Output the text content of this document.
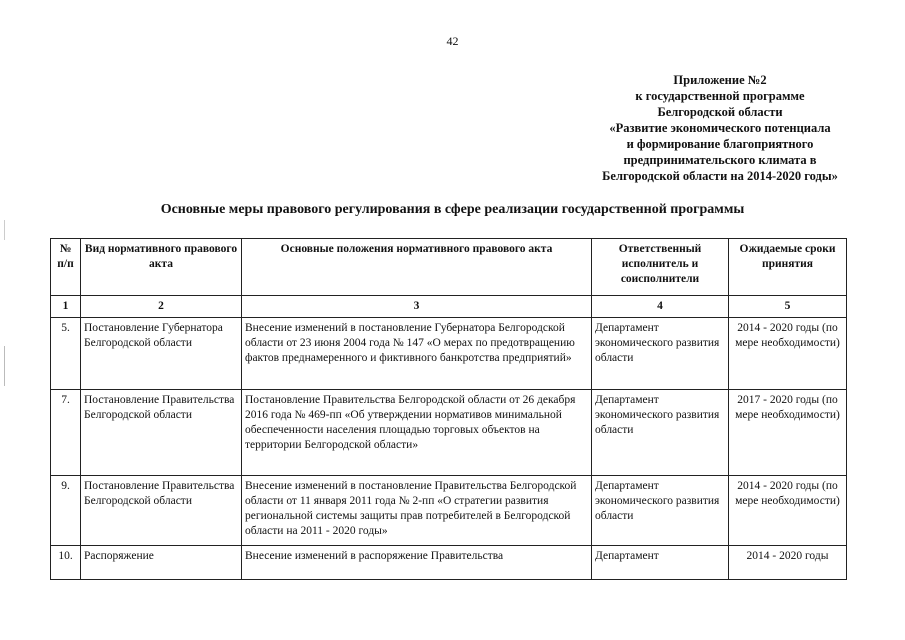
42
Приложение №2
к государственной программе
Белгородской области
«Развитие экономического потенциала
и формирование благоприятного
предпринимательского климата в
Белгородской области на 2014-2020 годы»
Основные меры правового регулирования в сфере реализации государственной программы
№ п/п	Вид нормативного правового акта	Основные положения нормативного правового акта	Ответственный исполнитель и соисполнители	Ожидаемые сроки принятия
1	2	3	4	5
5.	Постановление Губернатора Белгородской области	Внесение изменений в постановление Губернатора Белгородской области от 23 июня 2004 года № 147 «О мерах по предотвращению фактов преднамеренного и фиктивного банкротства предприятий»	Департамент экономического развития области	2014 - 2020 годы (по мере необходимости)
7.	Постановление Правительства Белгородской области	Постановление Правительства Белгородской области от 26 декабря 2016 года № 469-пп «Об утверждении нормативов минимальной обеспеченности населения площадью торговых объектов на территории Белгородской области»	Департамент экономического развития области	2017 - 2020 годы (по мере необходимости)
9.	Постановление Правительства Белгородской области	Внесение изменений в постановление Правительства Белгородской области от 11 января 2011 года № 2-пп «О стратегии развития региональной системы защиты прав потребителей в Белгородской области на 2011 - 2020 годы»	Департамент экономического развития области	2014 - 2020 годы (по мере необходимости)
10.	Распоряжение	Внесение изменений в распоряжение Правительства	Департамент	2014 - 2020 годы
